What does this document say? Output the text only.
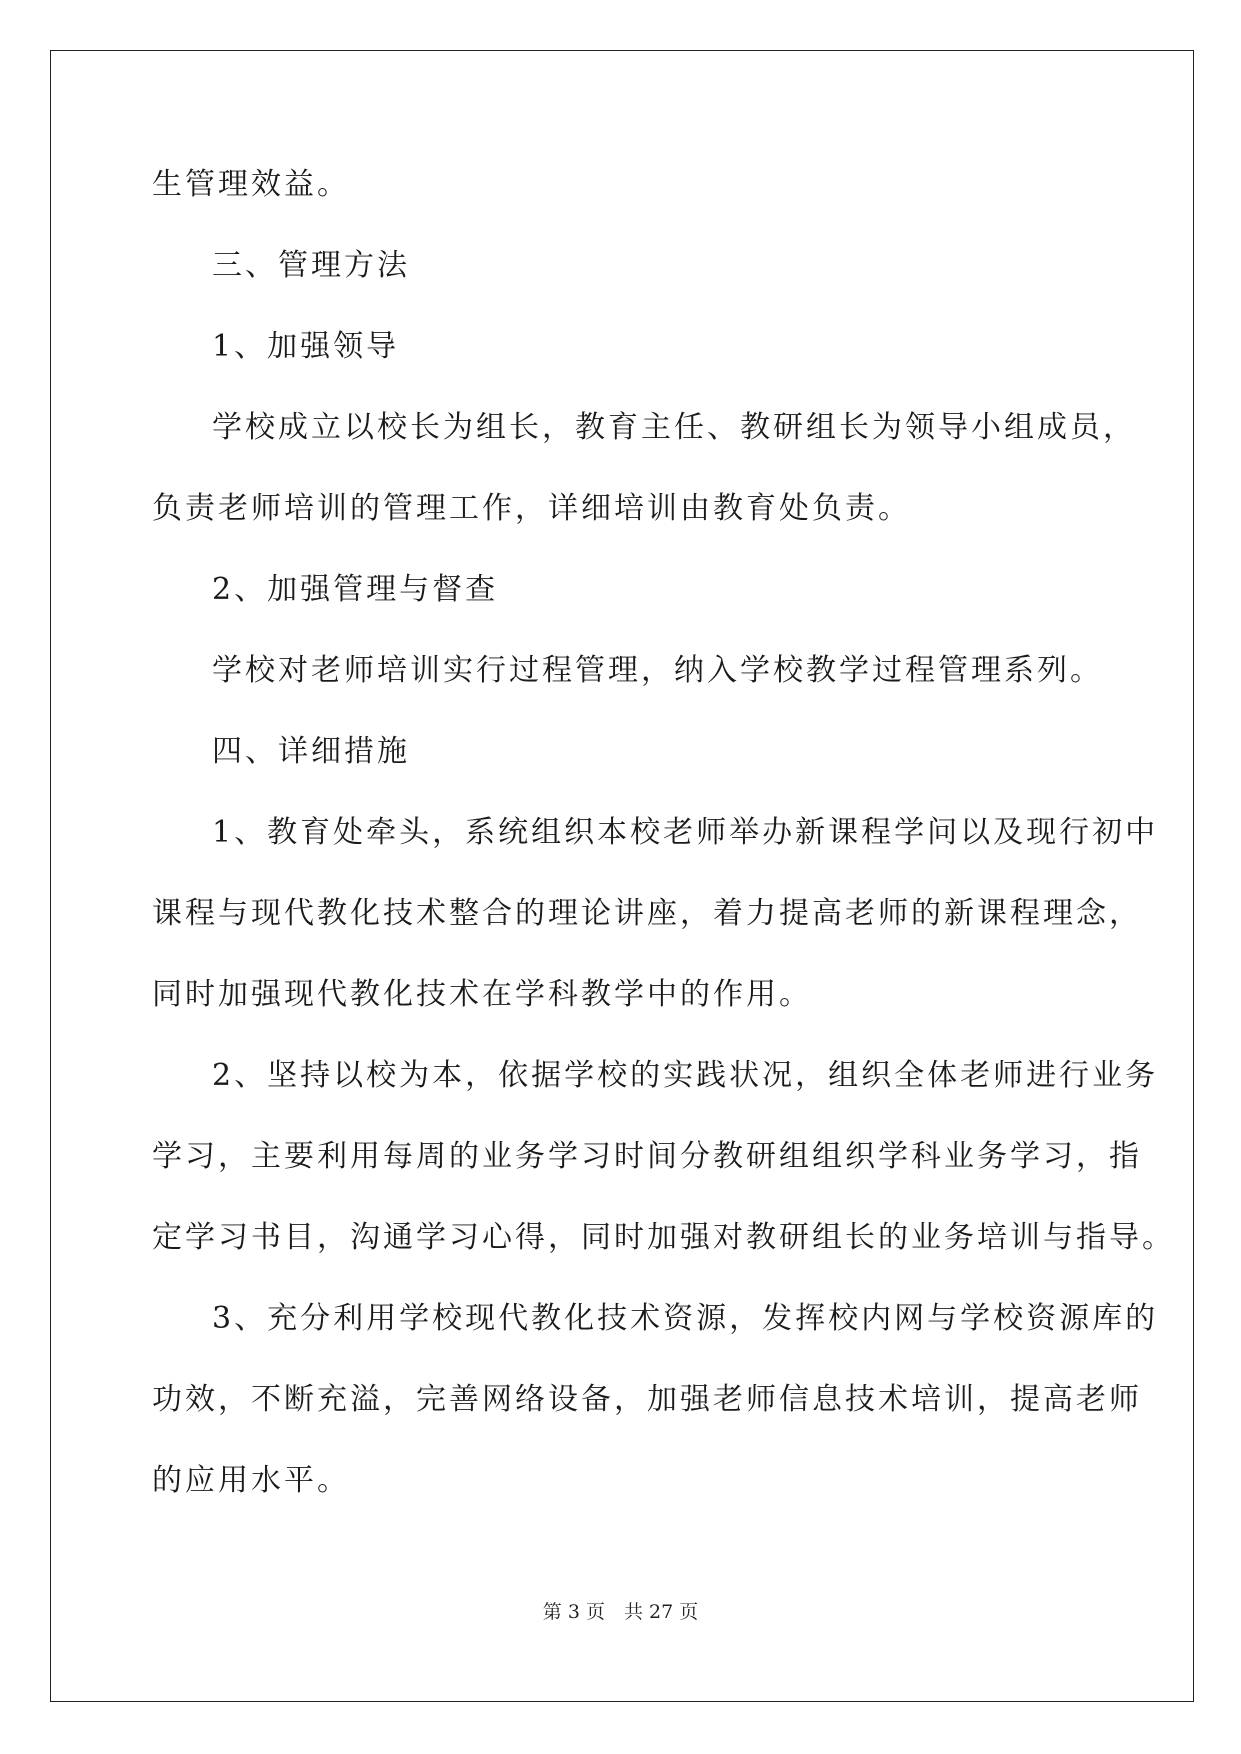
生管理效益。
三、管理方法
1、加强领导
学校成立以校长为组长，教育主任、教研组长为领导小组成员，
负责老师培训的管理工作，详细培训由教育处负责。
2、加强管理与督查
学校对老师培训实行过程管理，纳入学校教学过程管理系列。
四、详细措施
1、教育处牵头，系统组织本校老师举办新课程学问以及现行初中
课程与现代教化技术整合的理论讲座，着力提高老师的新课程理念，
同时加强现代教化技术在学科教学中的作用。
2、坚持以校为本，依据学校的实践状况，组织全体老师进行业务
学习，主要利用每周的业务学习时间分教研组组织学科业务学习，指
定学习书目，沟通学习心得，同时加强对教研组长的业务培训与指导。
3、充分利用学校现代教化技术资源，发挥校内网与学校资源库的
功效，不断充溢，完善网络设备，加强老师信息技术培训，提高老师
的应用水平。
第 3 页　共 27 页
